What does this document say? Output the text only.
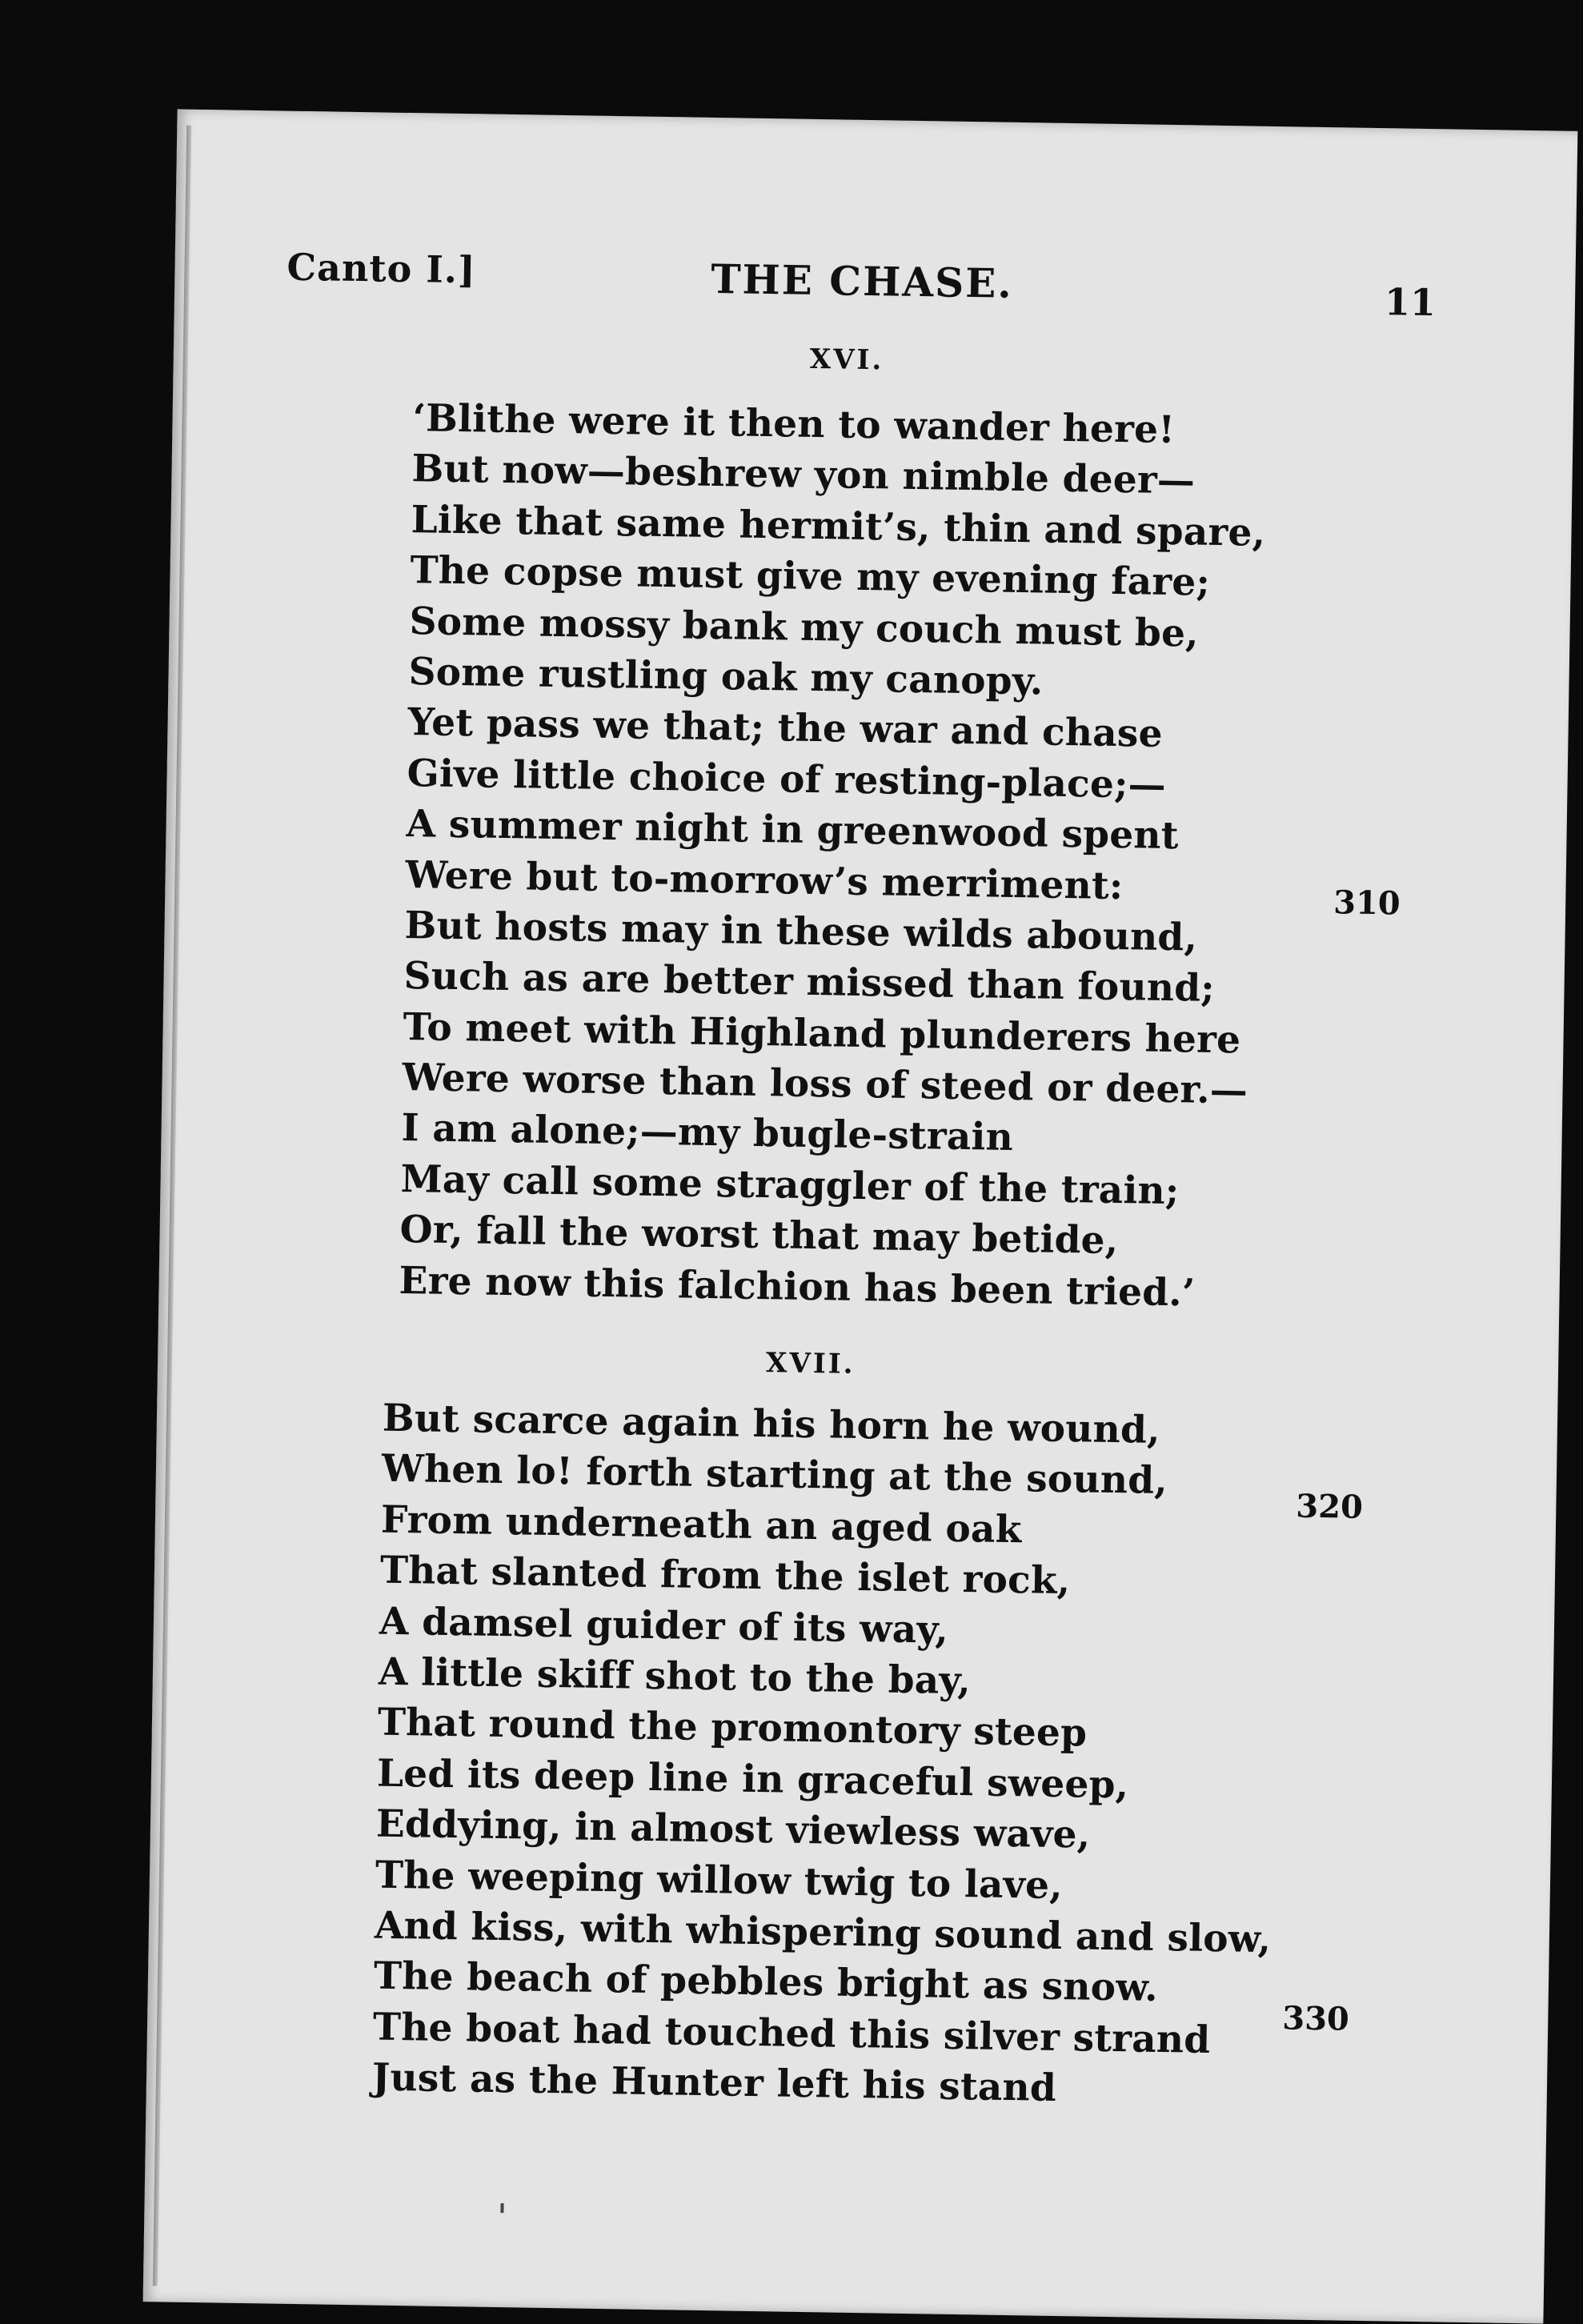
Canto I.]	THE CHASE.	11
XVI.
‘Blithe were it then to wander here!
But now—beshrew yon nimble deer—
Like that same hermit’s, thin and spare,
The copse must give my evening fare;
Some mossy bank my couch must be,
Some rustling oak my canopy.
Yet pass we that; the war and chase
Give little choice of resting-place;—
A summer night in greenwood spent
Were but to-morrow’s merriment:
But hosts may in these wilds abound,
Such as are better missed than found;
To meet with Highland plunderers here
Were worse than loss of steed or deer.—
I am alone;—my bugle-strain
May call some straggler of the train;
Or, fall the worst that may betide,
Ere now this falchion has been tried.’
XVII.
But scarce again his horn he wound,
When lo! forth starting at the sound,
From underneath an aged oak
That slanted from the islet rock,
A damsel guider of its way,
A little skiff shot to the bay,
That round the promontory steep
Led its deep line in graceful sweep,
Eddying, in almost viewless wave,
The weeping willow twig to lave,
And kiss, with whispering sound and slow,
The beach of pebbles bright as snow.
The boat had touched this silver strand
Just as the Hunter left his stand
310
320
330
